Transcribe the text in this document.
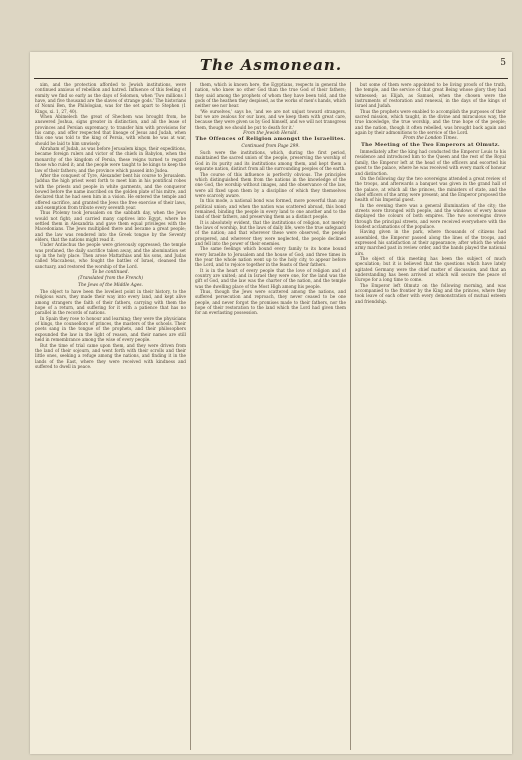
The Asmonean.	5

xim, and the protection afforded to Jewish institutions, were continued anxious of rebellion and hatred. Influence of this feeling of enmity we find so early as the days of Solomon, when 'Two millions I have, and five thousand are the slaves of strange gods.' The historians of Nonni Ben, the Philologian, was for the set apart to Stephen (1 Kings, xi. 1, 27, 40).

When Abimelech the great of Shechem was brought from, he answered Joshua, signs greater in distinction, and all the lease of provinces and Persian supremacy, to transfer him with provisions for his camp, and offer respected that lineage of Jesus and Judah, when this one was told to the king of Persia, with whom he was at war, should be laid to him unwisely.

Abraham of Judah, as was before Jerusalem kings, their expeditions, became foreign rulers and victor of the chiefs in Babylon, when the monarchy of the kingdom of Persia, these reigns turned to regard those who ruled it; and the people were taught to be kings to keep the law of their fathers; and the province which passed into Judea.

After the conquest of Tyre, Alexander bent his course to Jerusalem. Jaddua the high priest went forth to meet him in his pontifical robes with the priests and people in white garments, and the conqueror bowed before the name inscribed on the golden plate of his mitre, and declared that he had seen him in a vision. He entered the temple and offered sacrifice, and granted the Jews the free exercise of their laws, and exemption from tribute every seventh year.

Thus Ptolemy took Jerusalem on the sabbath day, when the Jews would not fight; and carried many captives into Egypt, where he settled them in Alexandria and gave them equal privileges with the Macedonians. The Jews multiplied there and became a great people; and the law was rendered into the Greek tongue by the Seventy elders, that the nations might read it.

Under Antiochus the people were grievously oppressed; the temple was profaned, the daily sacrifice taken away, and the abomination set up in the holy place. Then arose Mattathias and his sons, and Judas called Maccabeus, who fought the battles of Israel, cleansed the sanctuary, and restored the worship of the Lord.

To be continued.
(Translated from the French)
The Jews of the Middle Ages.

The object to have been the loveliest point in their history, to the religious wars, they made their way into every land, and kept alive among strangers the faith of their fathers, carrying with them the hope of a return, and suffering for it with a patience that has no parallel in the records of nations.

In Spain they rose to honour and learning; they were the physicians of kings, the counsellors of princes, the masters of the schools. Their poets sang in the tongue of the prophets, and their philosophers expounded the law in the light of reason, and their names are still held in remembrance among the wise of every people.

But the time of trial came upon them, and they were driven from the land of their sojourn, and went forth with their scrolls and their little ones, seeking a refuge among the nations, and finding it in the lands of the East, where they were received with kindness and suffered to dwell in peace.

them, which is known here, the Egyptians, respects in general the nation, who knew no other God than the true God of their fathers; they said among the prophets of whom they have been told, and the gods of the heathen they despised, as the works of men's hands, which neither see nor hear.

'We ourselves,' says he, 'and we are not unjust toward strangers, but we are zealous for our laws, and we keep them with great care, because they were given us by God himself, and we will not transgress them, though we should be put to death for it.'

From the Jewish Herald.
The Offences of Religion amongst the Israelites.
Continued from Page 299.

Such were the institutions, which, during the first period, maintained the sacred union of the people, preserving the worship of God in its purity and its institutions among them, and kept them a separate nation, distinct from all the surrounding peoples of the earth.

The course of this influence is perfectly obvious. The principles which distinguished them from the nations in the knowledge of the one God, the worship without images, and the observance of the law, were all fixed upon them by a discipline of which they themselves were scarcely aware.

In this mode, a national bond was formed, more powerful than any political union; and when the nation was scattered abroad, this bond remained, binding the people in every land to one another and to the land of their fathers, and preserving them as a distinct people.

It is absolutely evident, that the institutions of religion, not merely the laws of worship, but the laws of daily life, were the true safeguard of the nation; and that wherever these were observed, the people prospered, and wherever they were neglected, the people declined and fell into the power of their enemies.

The same feelings which bound every family to its home bound every Israelite to Jerusalem and the house of God; and three times in the year the whole nation went up to the holy city, to appear before the Lord, and to rejoice together in the feasts of their fathers.

It is in the heart of every people that the love of religion and of country are united; and in Israel they were one, for the land was the gift of God, and the law was the charter of the nation, and the temple was the dwelling place of the Most High among his people.

Thus, though the Jews were scattered among the nations, and suffered persecution and reproach, they never ceased to be one people, and never forgot the promises made to their fathers, nor the hope of their restoration to the land which the Lord had given them for an everlasting possession.

but some of them were appointed to be living proofs of the truth, the temple, and the service of that great Being whose glory they had witnessed; as Elijah, as Samuel, when the chosen were the instruments of restoration and renewal, in the days of the kings of Israel and Judah.

Thus the prophets were enabled to accomplish the purposes of their sacred mission, which taught, in the divine and miraculous way, the true knowledge, the true worship, and the true hope of the people; and the nation, though it often rebelled, was brought back again and again by their admonitions to the service of the Lord.

From the London Times.
The Meeting of the Two Emperors at Olmutz.

Immediately after the king had conducted the Emperor Louis to his residence and introduced him to the Queen and the rest of the Royal family, the Emperor left at the head of the officers and escorted his guest to the palace, where he was received with every mark of honour and distinction.

On the following day the two sovereigns attended a great review of the troops, and afterwards a banquet was given in the grand hall of the palace, at which all the princes, the ministers of state, and the chief officers of the army were present; and the Emperor proposed the health of his Imperial guest.

In the evening there was a general illumination of the city; the streets were thronged with people, and the windows of every house displayed the colours of both empires. The two sovereigns drove through the principal streets, and were received everywhere with the loudest acclamations of the populace.

Having given in the park, where thousands of citizens had assembled, the Emperor passed along the lines of the troops, and expressed his satisfaction at their appearance; after which the whole army marched past in review order, and the bands played the national airs.

The object of this meeting has been the subject of much speculation; but it is believed that the questions which have lately agitated Germany were the chief matter of discussion, and that an understanding has been arrived at which will secure the peace of Europe for a long time to come.

The Emperor left Olmutz on the following morning, and was accompanied to the frontier by the King and the princes, where they took leave of each other with every demonstration of mutual esteem and friendship.
